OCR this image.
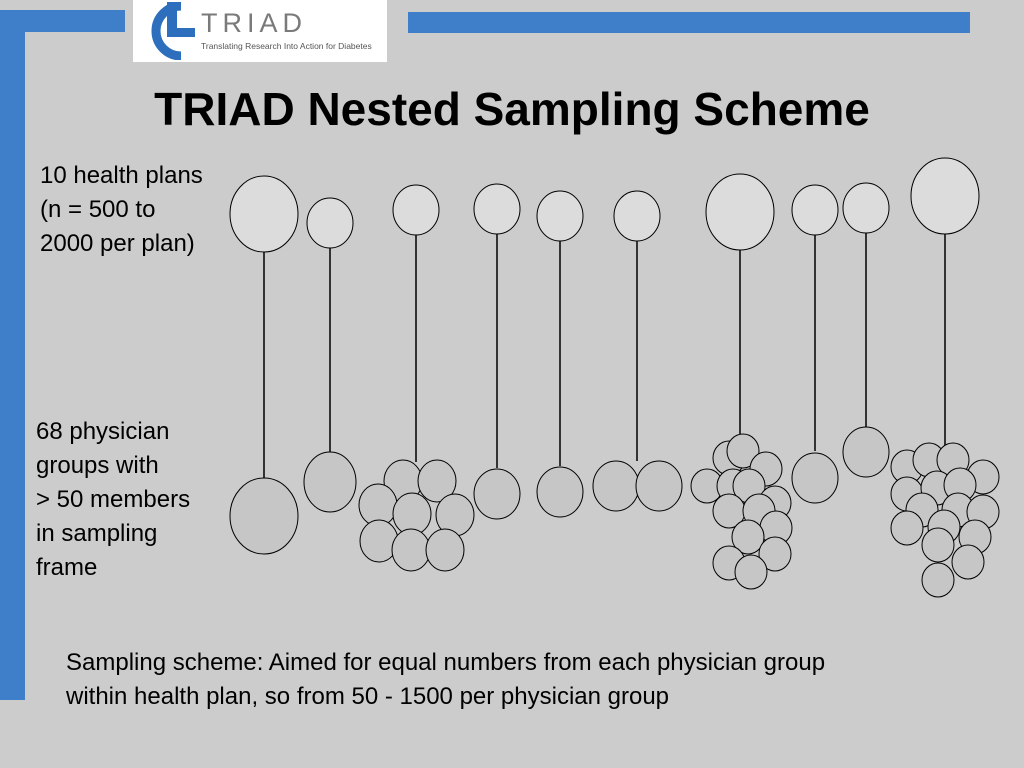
TRIAD
Translating Research Into Action for Diabetes
TRIAD Nested Sampling Scheme
10 health plans
(n = 500 to
2000 per plan)
68 physician
groups with
> 50 members
in sampling
frame
Sampling scheme: Aimed for equal numbers from each physician group
within health plan, so from 50 - 1500 per physician group
